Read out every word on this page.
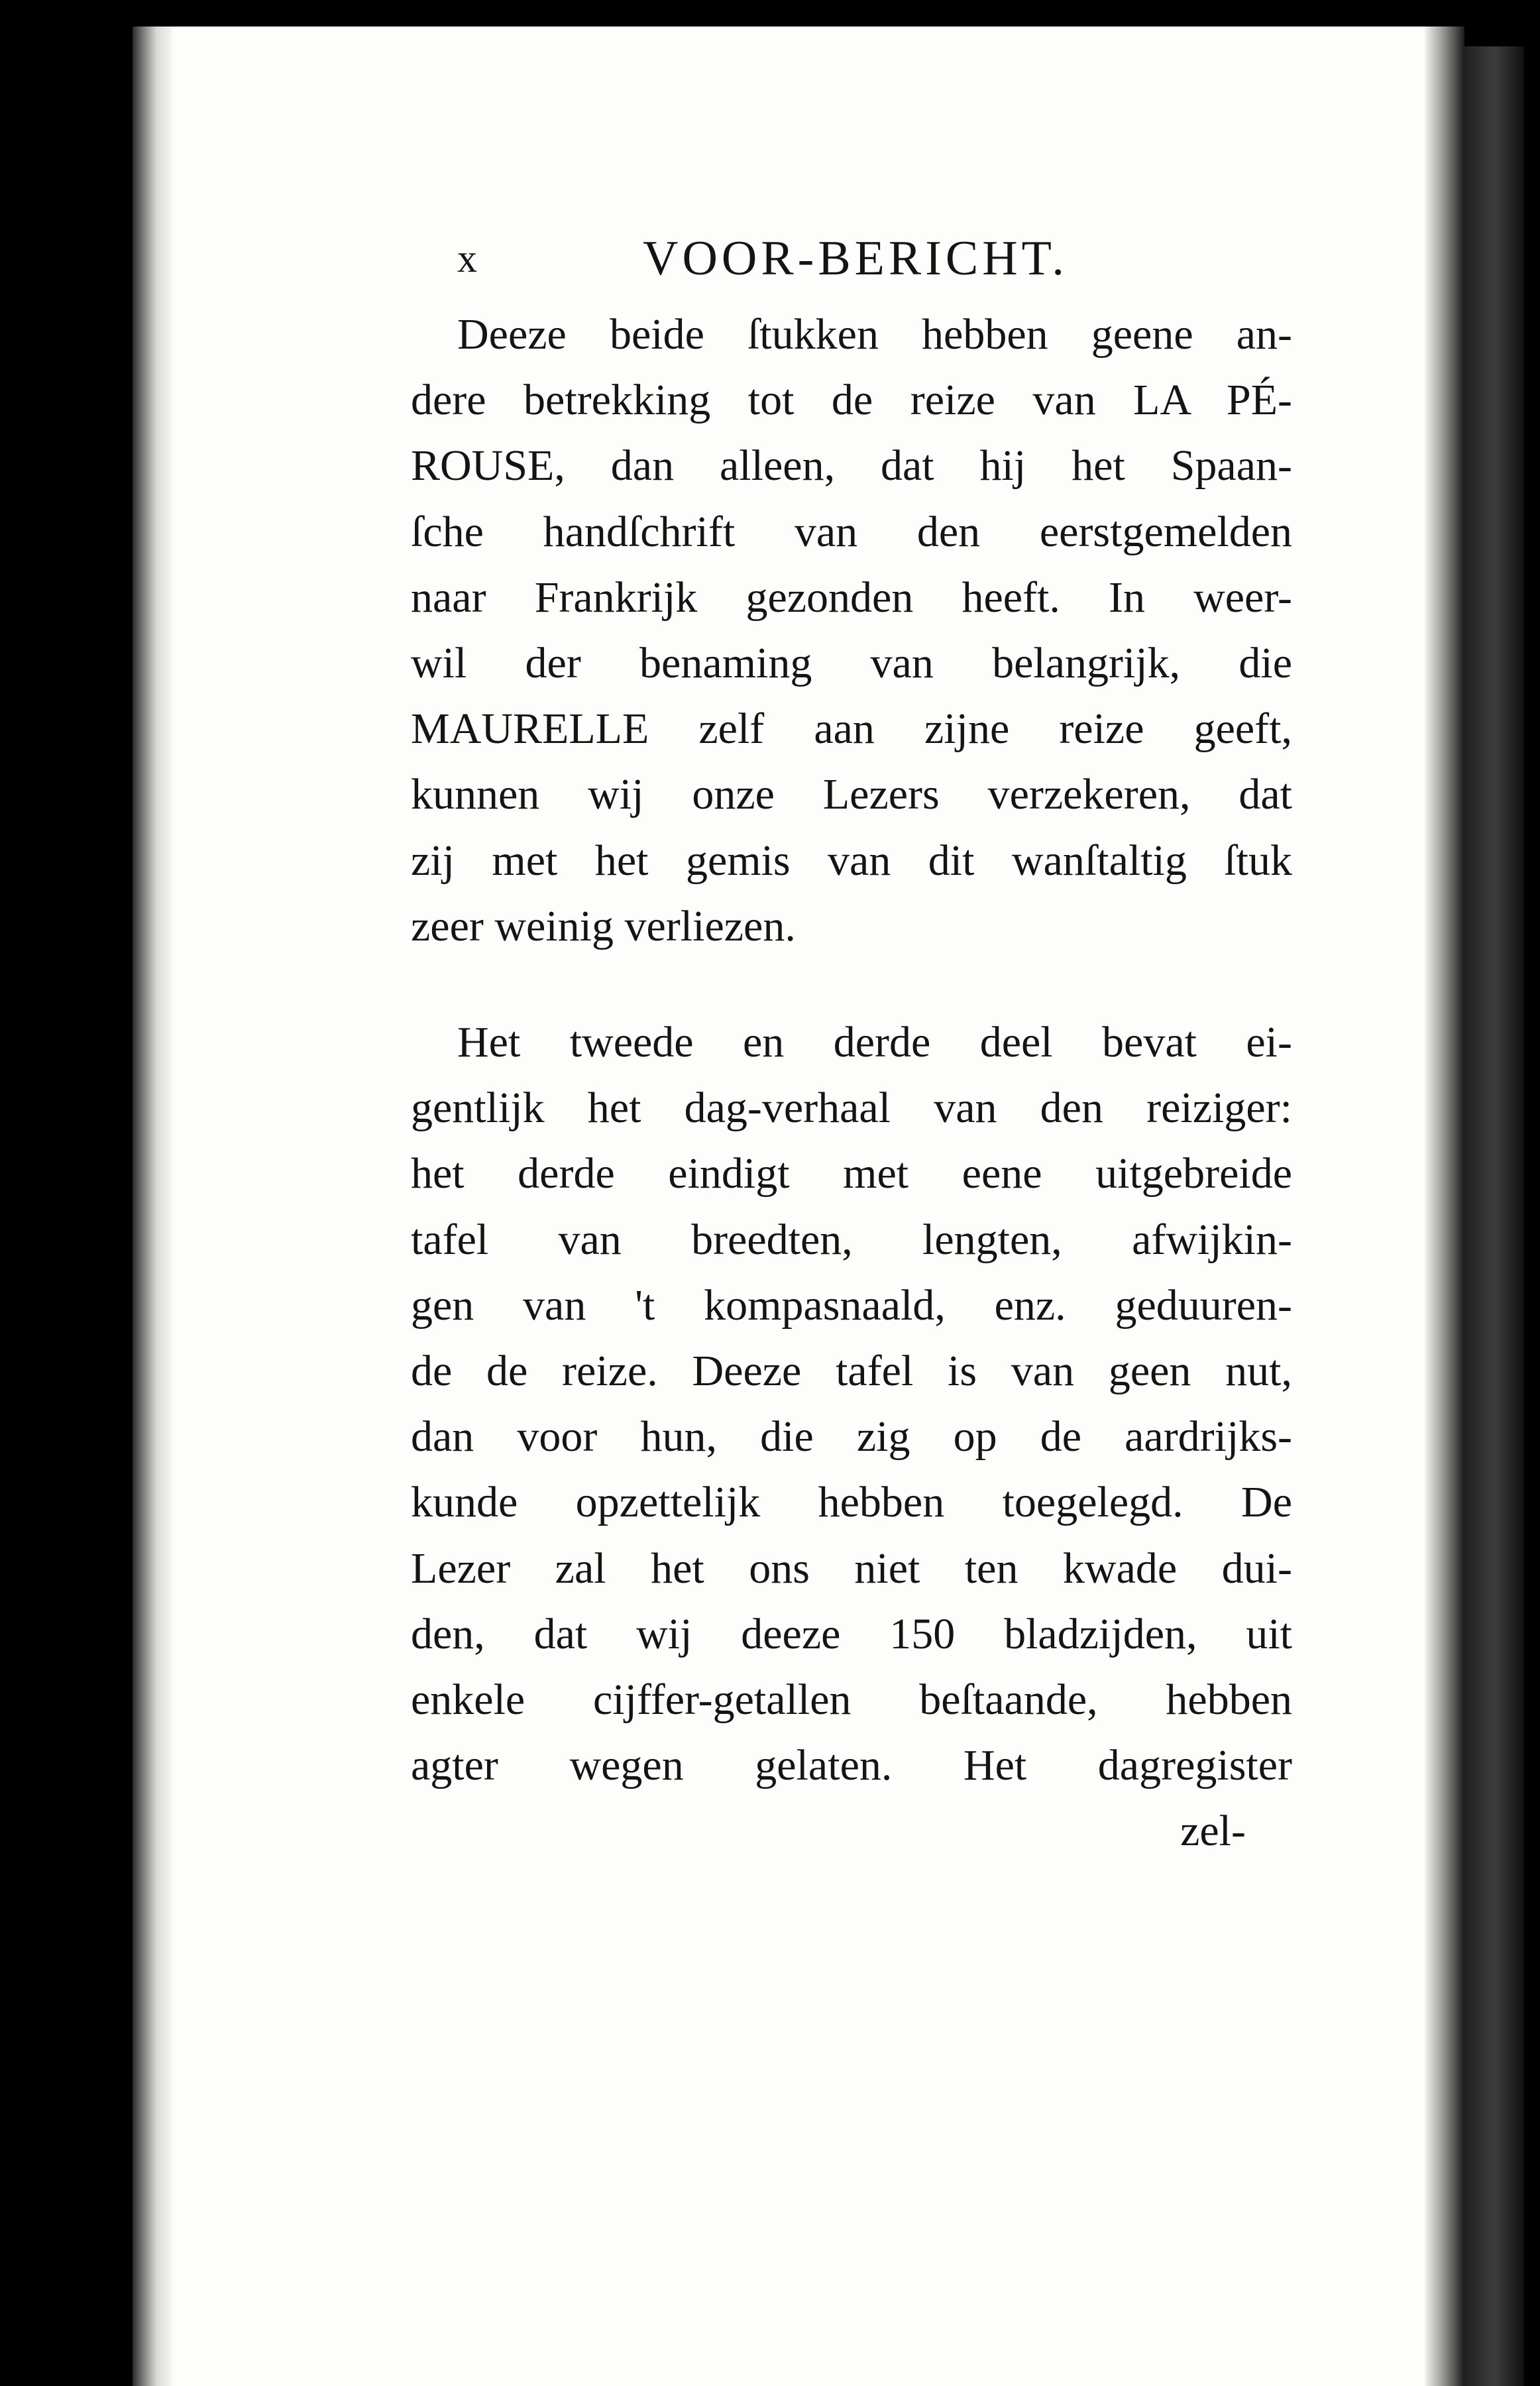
x	VOOR-BERICHT.
Deeze beide ſtukken hebben geene an-
dere betrekking tot de reize van LA PÉ-
ROUSE, dan alleen, dat hij het Spaan-
ſche handſchrift van den eerstgemelden
naar Frankrijk gezonden heeft. In weer-
wil der benaming van belangrijk, die
MAURELLE zelf aan zijne reize geeft,
kunnen wij onze Lezers verzekeren, dat
zij met het gemis van dit wanſtaltig ſtuk
zeer weinig verliezen.
Het tweede en derde deel bevat ei-
gentlijk het dag-verhaal van den reiziger:
het derde eindigt met eene uitgebreide
tafel van breedten, lengten, afwijkin-
gen van 't kompasnaald, enz. geduuren-
de de reize. Deeze tafel is van geen nut,
dan voor hun, die zig op de aardrijks-
kunde opzettelijk hebben toegelegd. De
Lezer zal het ons niet ten kwade dui-
den, dat wij deeze 150 bladzijden, uit
enkele cijffer-getallen beſtaande, hebben
agter wegen gelaten. Het dagregister
zel-
